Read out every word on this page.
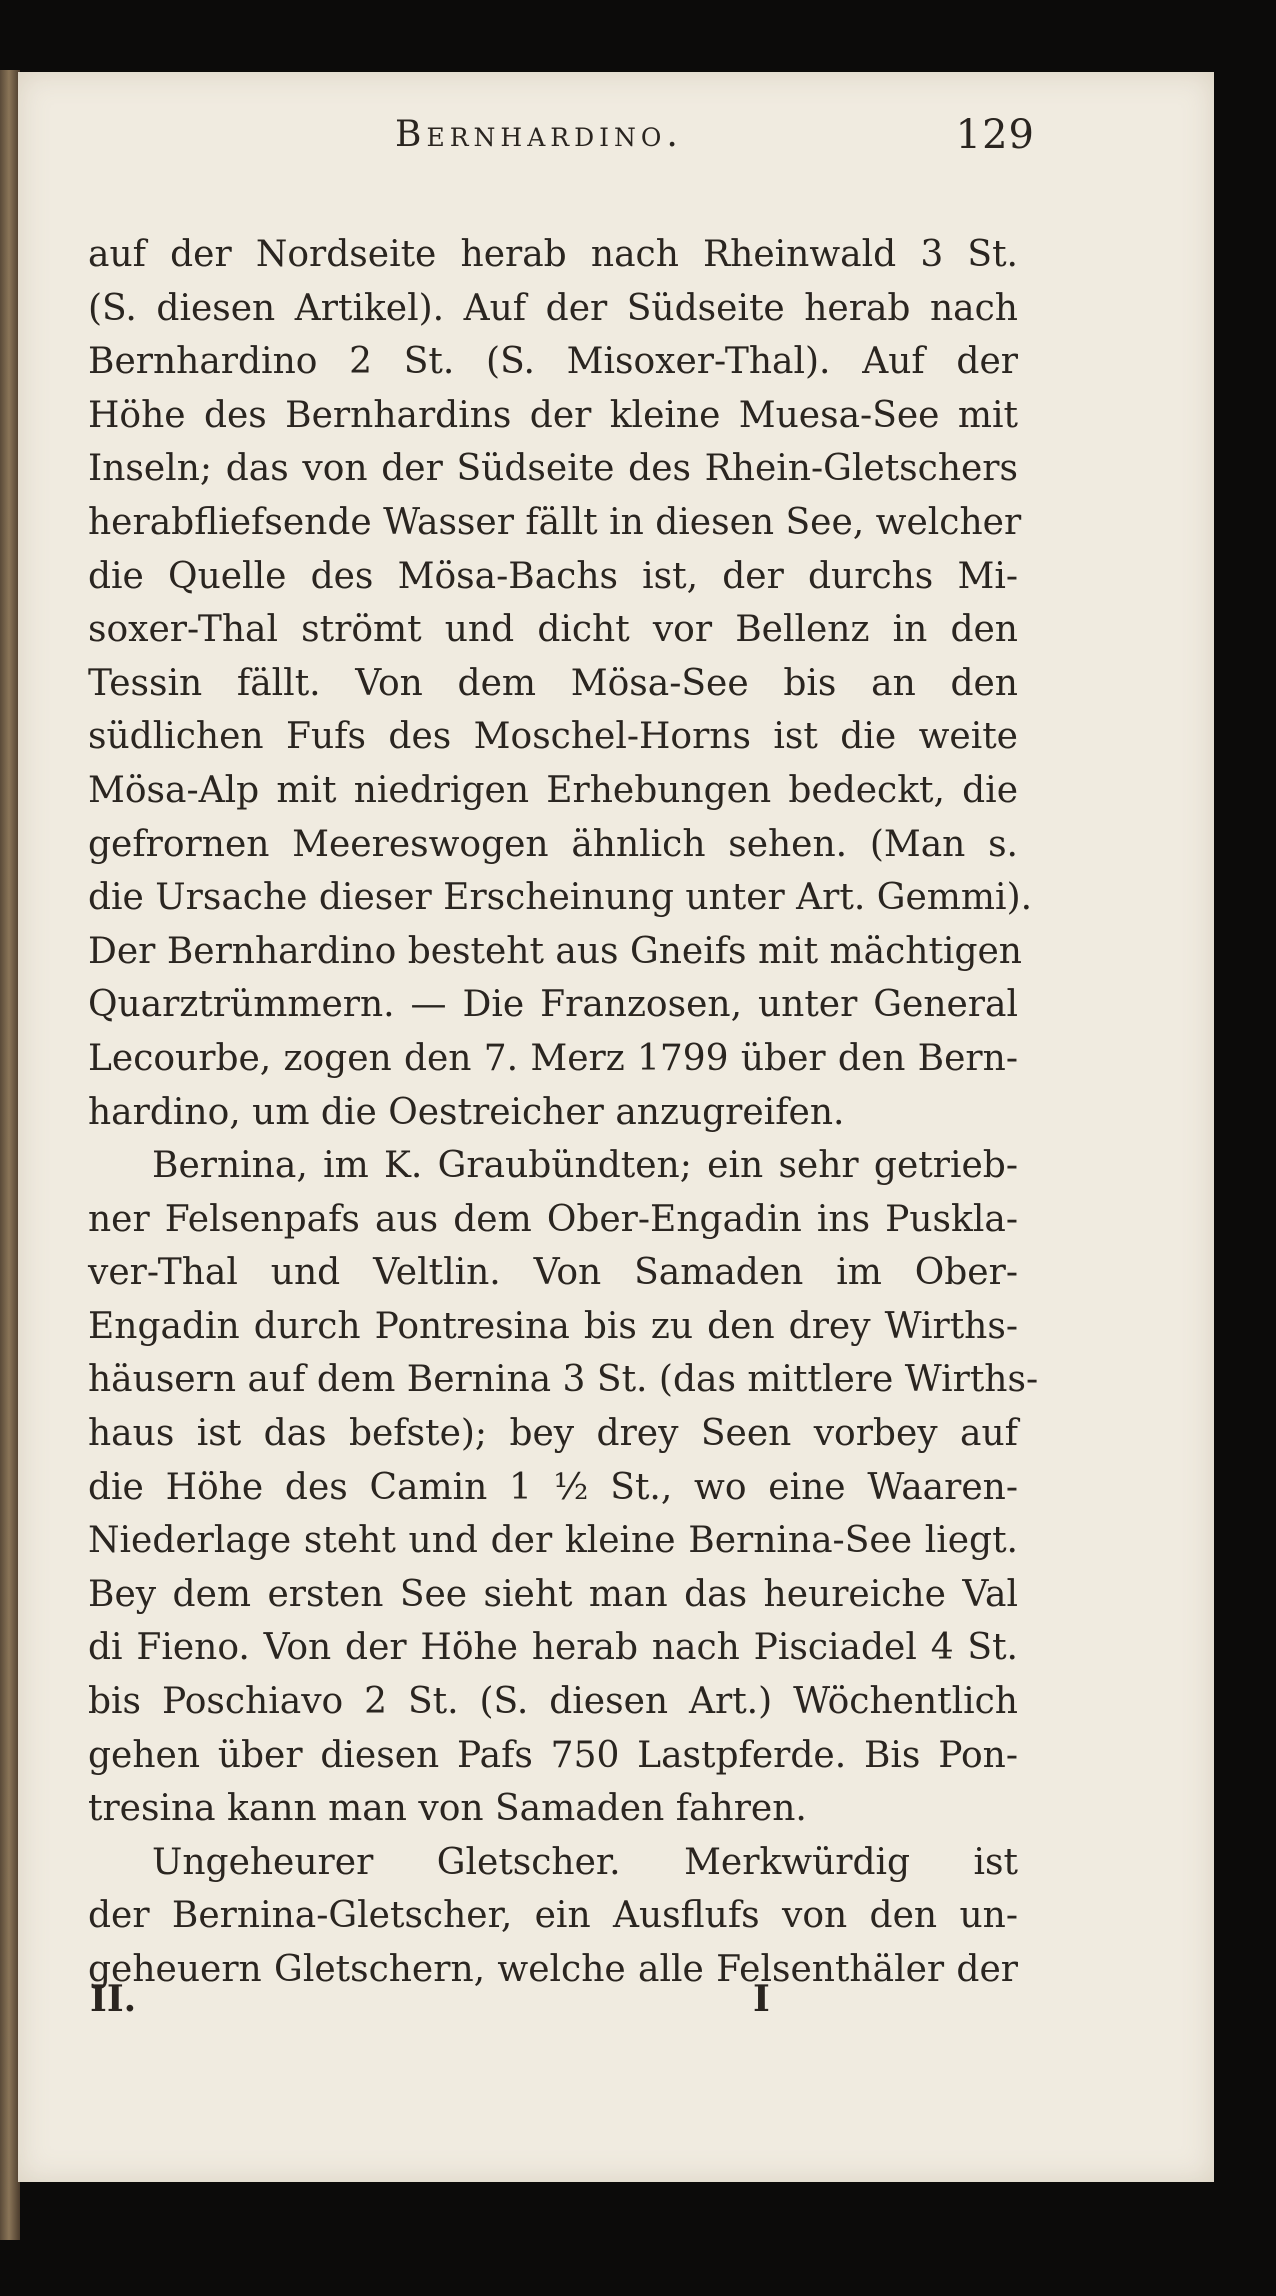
Bernhardino.	129
auf der Nordseite herab nach Rheinwald 3 St.
(S. diesen Artikel). Auf der Südseite herab nach
Bernhardino 2 St. (S. Misoxer-Thal). Auf der
Höhe des Bernhardins der kleine Muesa-See mit
Inseln; das von der Südseite des Rhein-Gletschers
herabfliefsende Wasser fällt in diesen See, welcher
die Quelle des Mösa-Bachs ist, der durchs Mi-
soxer-Thal strömt und dicht vor Bellenz in den
Tessin fällt. Von dem Mösa-See bis an den
südlichen Fufs des Moschel-Horns ist die weite
Mösa-Alp mit niedrigen Erhebungen bedeckt, die
gefrornen Meereswogen ähnlich sehen. (Man s.
die Ursache dieser Erscheinung unter Art. Gemmi).
Der Bernhardino besteht aus Gneifs mit mächtigen
Quarztrümmern. — Die Franzosen, unter General
Lecourbe, zogen den 7. Merz 1799 über den Bern-
hardino, um die Oestreicher anzugreifen.
Bernina, im K. Graubündten; ein sehr getrieb-
ner Felsenpafs aus dem Ober-Engadin ins Puskla-
ver-Thal und Veltlin. Von Samaden im Ober-
Engadin durch Pontresina bis zu den drey Wirths-
häusern auf dem Bernina 3 St. (das mittlere Wirths-
haus ist das befste); bey drey Seen vorbey auf
die Höhe des Camin 1 ½ St., wo eine Waaren-
Niederlage steht und der kleine Bernina-See liegt.
Bey dem ersten See sieht man das heureiche Val
di Fieno. Von der Höhe herab nach Pisciadel 4 St.
bis Poschiavo 2 St. (S. diesen Art.) Wöchentlich
gehen über diesen Pafs 750 Lastpferde. Bis Pon-
tresina kann man von Samaden fahren.
Ungeheurer Gletscher. Merkwürdig ist
der Bernina-Gletscher, ein Ausflufs von den un-
geheuern Gletschern, welche alle Felsenthäler der
II.	I
